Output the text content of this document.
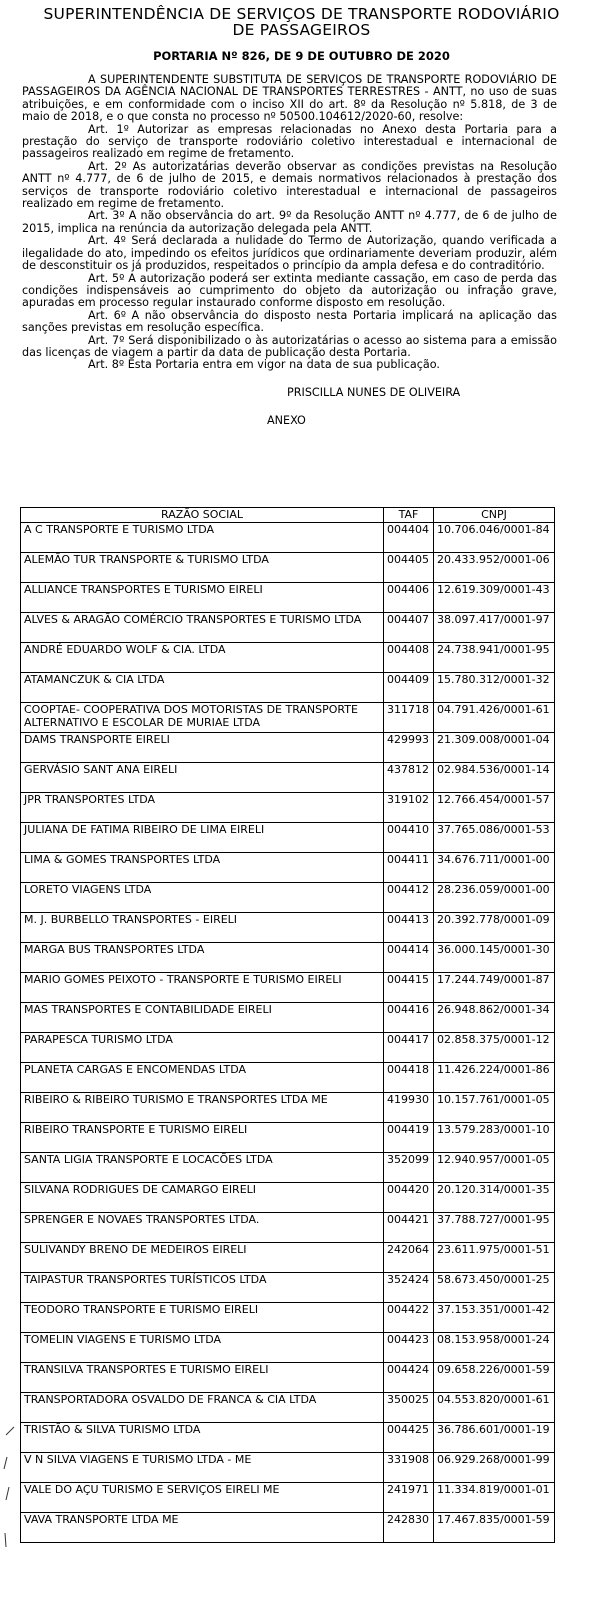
SUPERINTENDÊNCIA DE SERVIÇOS DE TRANSPORTE RODOVIÁRIO
DE PASSAGEIROS
PORTARIA Nº 826, DE 9 DE OUTUBRO DE 2020

A SUPERINTENDENTE SUBSTITUTA DE SERVIÇOS DE TRANSPORTE RODOVIÁRIO DE PASSAGEIROS DA AGÊNCIA NACIONAL DE TRANSPORTES TERRESTRES - ANTT, no uso de suas atribuições, e em conformidade com o inciso XII do art. 8º da Resolução nº 5.818, de 3 de maio de 2018, e o que consta no processo nº 50500.104612/2020-60, resolve:

Art. 1º Autorizar as empresas relacionadas no Anexo desta Portaria para a prestação do serviço de transporte rodoviário coletivo interestadual e internacional de passageiros realizado em regime de fretamento.

Art. 2º As autorizatárias deverão observar as condições previstas na Resolução ANTT nº 4.777, de 6 de julho de 2015, e demais normativos relacionados à prestação dos serviços de transporte rodoviário coletivo interestadual e internacional de passageiros realizado em regime de fretamento.

Art. 3º A não observância do art. 9º da Resolução ANTT nº 4.777, de 6 de julho de 2015, implica na renúncia da autorização delegada pela ANTT.

Art. 4º Será declarada a nulidade do Termo de Autorização, quando verificada a ilegalidade do ato, impedindo os efeitos jurídicos que ordinariamente deveriam produzir, além de desconstituir os já produzidos, respeitados o princípio da ampla defesa e do contraditório.

Art. 5º A autorização poderá ser extinta mediante cassação, em caso de perda das condições indispensáveis ao cumprimento do objeto da autorização ou infração grave, apuradas em processo regular instaurado conforme disposto em resolução.

Art. 6º A não observância do disposto nesta Portaria implicará na aplicação das sanções previstas em resolução específica.

Art. 7º Será disponibilizado o às autorizatárias o acesso ao sistema para a emissão das licenças de viagem a partir da data de publicação desta Portaria.

Art. 8º Esta Portaria entra em vigor na data de sua publicação.

PRISCILLA NUNES DE OLIVEIRA
ANEXO
RAZÃO SOCIAL	TAF	CNPJ
A C TRANSPORTE E TURISMO LTDA	004404	10.706.046/0001-84
ALEMÃO TUR TRANSPORTE & TURISMO LTDA	004405	20.433.952/0001-06
ALLIANCE TRANSPORTES E TURISMO EIRELI	004406	12.619.309/0001-43
ALVES & ARAGÃO COMÉRCIO TRANSPORTES E TURISMO LTDA	004407	38.097.417/0001-97
ANDRÉ EDUARDO WOLF & CIA. LTDA	004408	24.738.941/0001-95
ATAMANCZUK & CIA LTDA	004409	15.780.312/0001-32
COOPTAE- COOPERATIVA DOS MOTORISTAS DE TRANSPORTE ALTERNATIVO E ESCOLAR DE MURIAE LTDA	311718	04.791.426/0001-61
DAMS TRANSPORTE EIRELI	429993	21.309.008/0001-04
GERVÁSIO SANT ANA EIRELI	437812	02.984.536/0001-14
JPR TRANSPORTES LTDA	319102	12.766.454/0001-57
JULIANA DE FATIMA RIBEIRO DE LIMA EIRELI	004410	37.765.086/0001-53
LIMA & GOMES TRANSPORTES LTDA	004411	34.676.711/0001-00
LORETO VIAGENS LTDA	004412	28.236.059/0001-00
M. J. BURBELLO TRANSPORTES - EIRELI	004413	20.392.778/0001-09
MARGA BUS TRANSPORTES LTDA	004414	36.000.145/0001-30
MARIO GOMES PEIXOTO - TRANSPORTE E TURISMO EIRELI	004415	17.244.749/0001-87
MAS TRANSPORTES E CONTABILIDADE EIRELI	004416	26.948.862/0001-34
PARAPESCA TURISMO LTDA	004417	02.858.375/0001-12
PLANETA CARGAS E ENCOMENDAS LTDA	004418	11.426.224/0001-86
RIBEIRO & RIBEIRO TURISMO E TRANSPORTES LTDA ME	419930	10.157.761/0001-05
RIBEIRO TRANSPORTE E TURISMO EIRELI	004419	13.579.283/0001-10
SANTA LIGIA TRANSPORTE E LOCACÕES LTDA	352099	12.940.957/0001-05
SILVANA RODRIGUES DE CAMARGO EIRELI	004420	20.120.314/0001-35
SPRENGER E NOVAES TRANSPORTES LTDA.	004421	37.788.727/0001-95
SULIVANDY BRENO DE MEDEIROS EIRELI	242064	23.611.975/0001-51
TAIPASTUR TRANSPORTES TURÍSTICOS LTDA	352424	58.673.450/0001-25
TEODORO TRANSPORTE E TURISMO EIRELI	004422	37.153.351/0001-42
TOMELIN VIAGENS E TURISMO LTDA	004423	08.153.958/0001-24
TRANSILVA TRANSPORTES E TURISMO EIRELI	004424	09.658.226/0001-59
TRANSPORTADORA OSVALDO DE FRANCA & CIA LTDA	350025	04.553.820/0001-61
TRISTÃO & SILVA TURISMO LTDA	004425	36.786.601/0001-19
V N SILVA VIAGENS E TURISMO LTDA - ME	331908	06.929.268/0001-99
VALE DO AÇU TURISMO E SERVIÇOS EIRELI ME	241971	11.334.819/0001-01
VAVA TRANSPORTE LTDA ME	242830	17.467.835/0001-59
